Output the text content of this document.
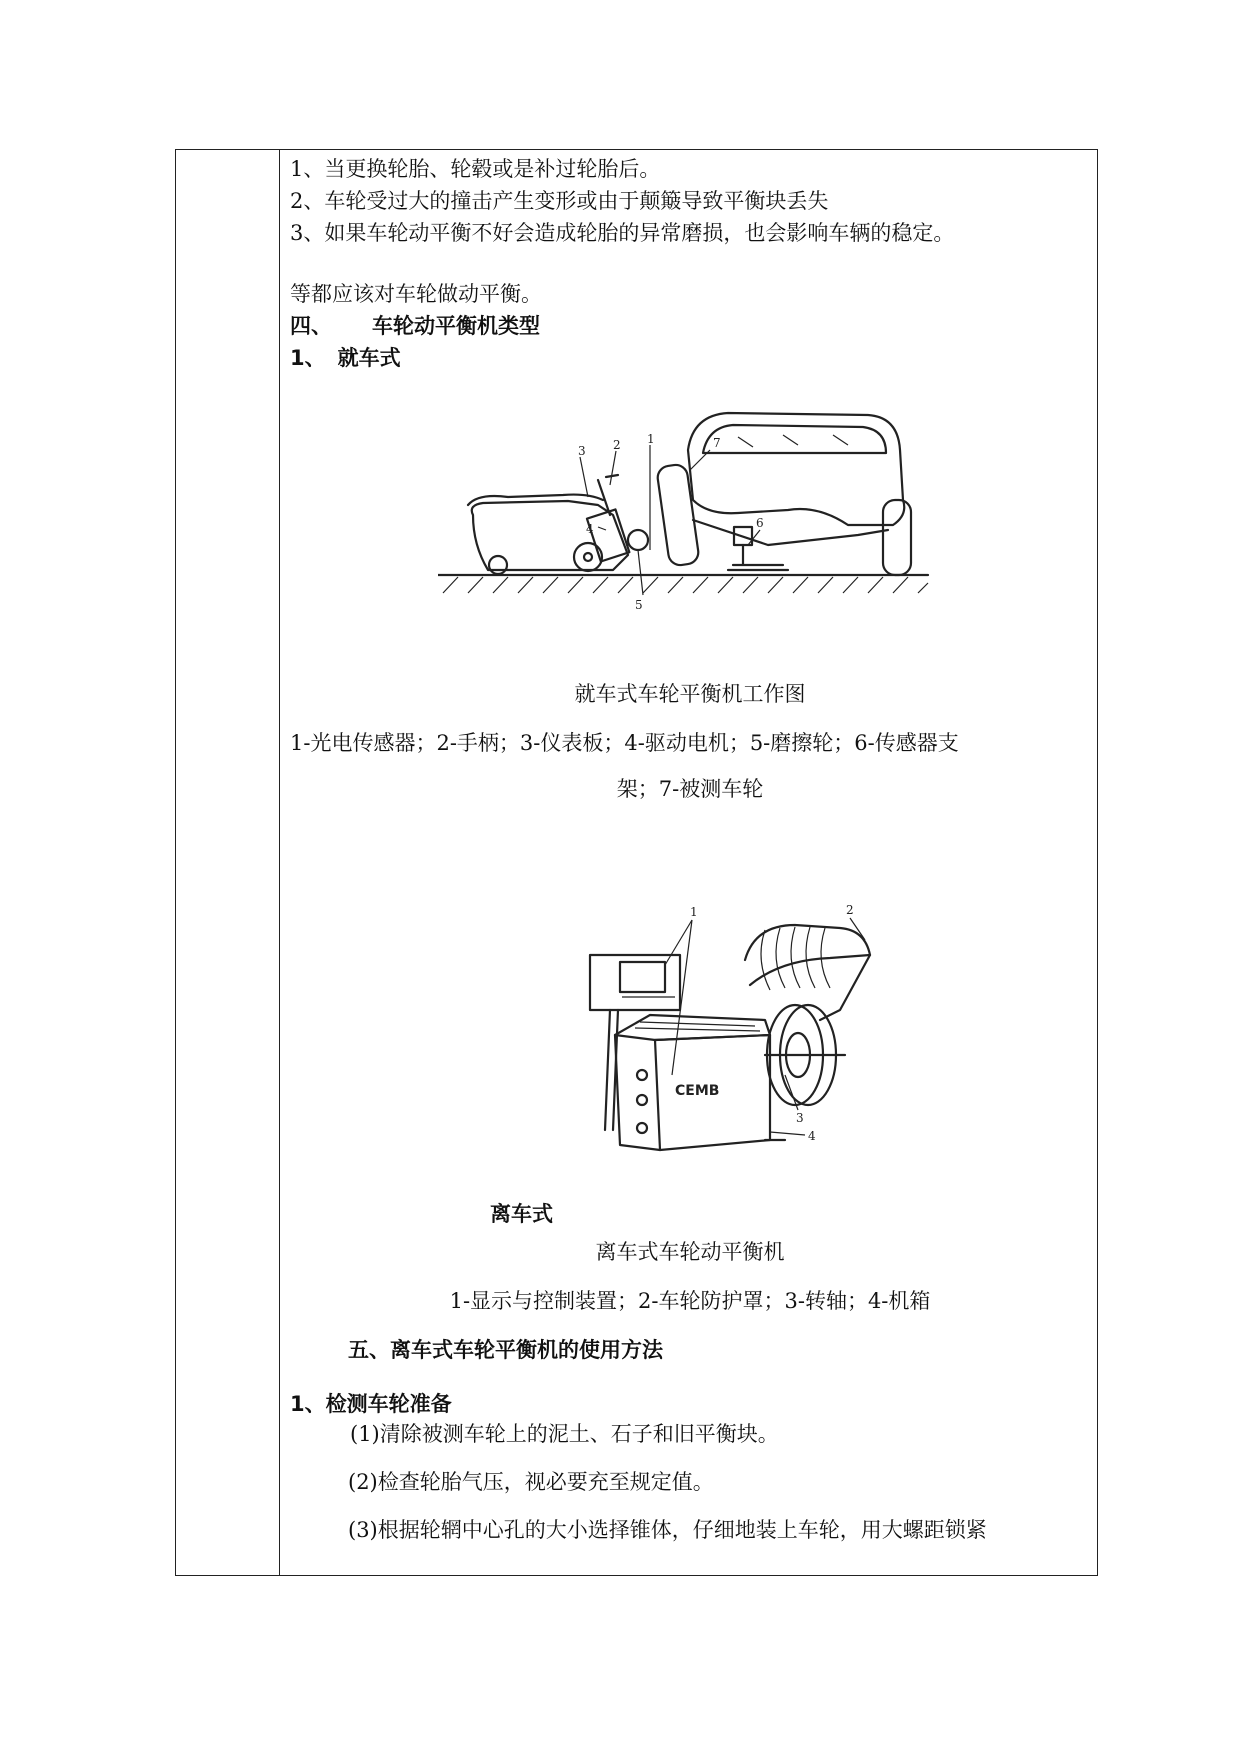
1、当更换轮胎、轮毂或是补过轮胎后。
2、车轮受过大的撞击产生变形或由于颠簸导致平衡块丢失
3、如果车轮动平衡不好会造成轮胎的异常磨损，也会影响车辆的稳定。
等都应该对车轮做动平衡。
四、 车轮动平衡机类型
1、 就车式
1
2
3
4
5
6
7
就车式车轮平衡机工作图
1-光电传感器；2-手柄；3-仪表板；4-驱动电机；5-磨擦轮；6-传感器支
架；7-被测车轮
CEMB
1	2
3
4
离车式
离车式车轮动平衡机
1-显示与控制装置；2-车轮防护罩；3-转轴；4-机箱
五、离车式车轮平衡机的使用方法
1、检测车轮准备
(1)清除被测车轮上的泥土、石子和旧平衡块。
(2)检查轮胎气压，视必要充至规定值。
(3)根据轮辋中心孔的大小选择锥体，仔细地装上车轮，用大螺距锁紧
